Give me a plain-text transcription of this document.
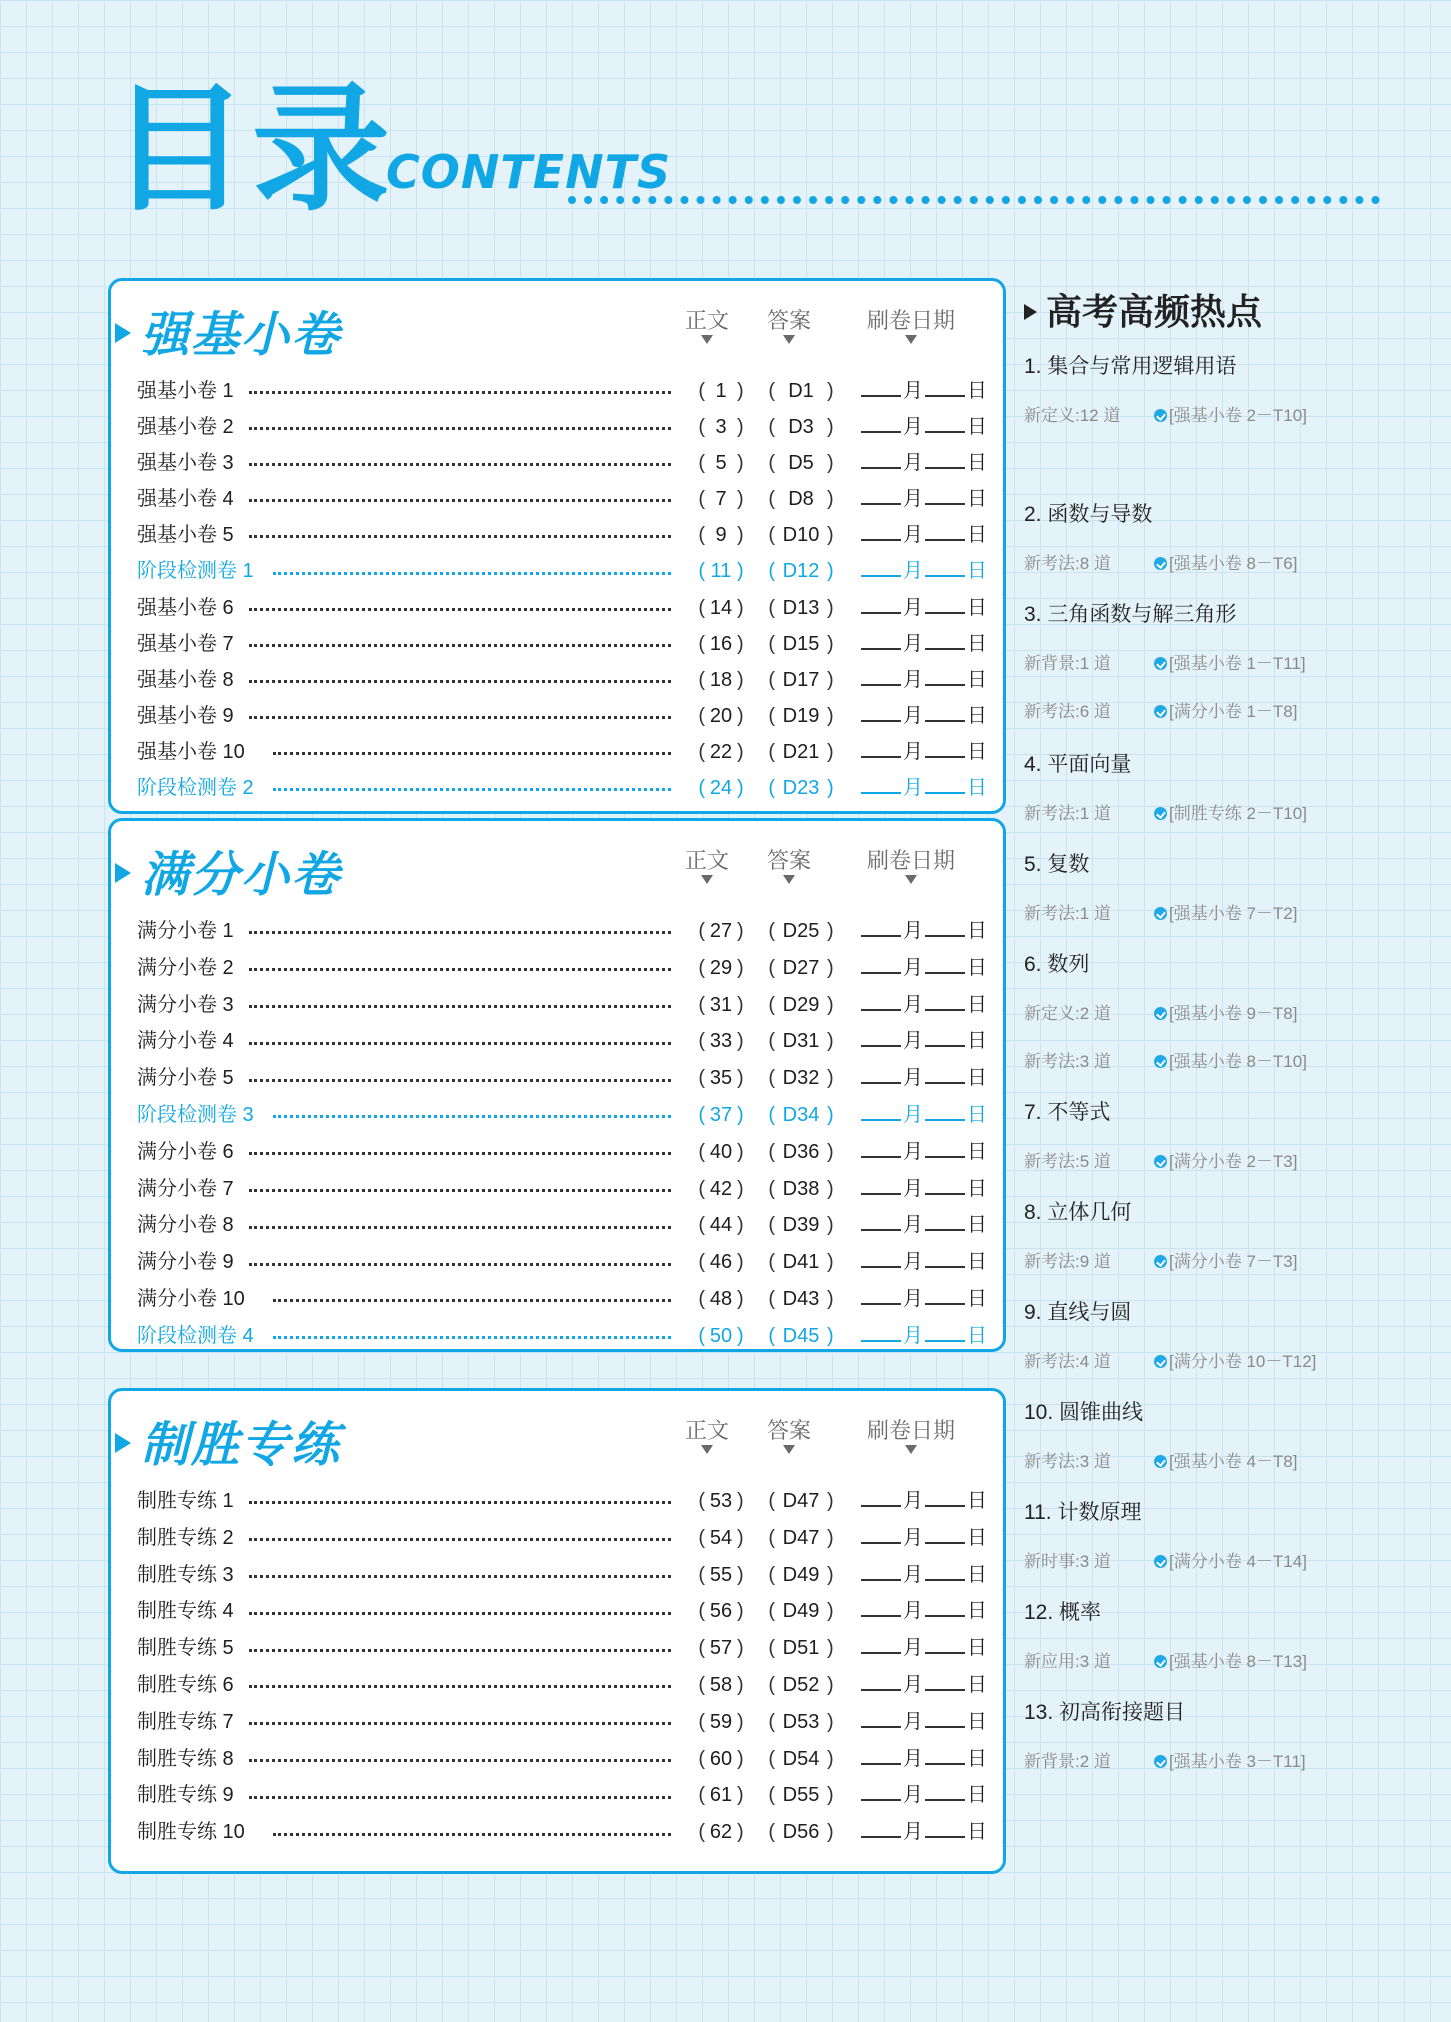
目录
CONTENTS
强基小卷	正文	答案	刷卷日期
强基小卷 1	( 1 )	( D1 )	月 日
强基小卷 2	( 3 )	( D3 )	月 日
强基小卷 3	( 5 )	( D5 )	月 日
强基小卷 4	( 7 )	( D8 )	月 日
强基小卷 5	( 9 )	( D10 )	月 日
阶段检测卷 1	( 11 )	( D12 )	月 日
强基小卷 6	( 14 )	( D13 )	月 日
强基小卷 7	( 16 )	( D15 )	月 日
强基小卷 8	( 18 )	( D17 )	月 日
强基小卷 9	( 20 )	( D19 )	月 日
强基小卷 10	( 22 )	( D21 )	月 日
阶段检测卷 2	( 24 )	( D23 )	月 日
满分小卷	正文	答案	刷卷日期
满分小卷 1	( 27 )	( D25 )	月 日
满分小卷 2	( 29 )	( D27 )	月 日
满分小卷 3	( 31 )	( D29 )	月 日
满分小卷 4	( 33 )	( D31 )	月 日
满分小卷 5	( 35 )	( D32 )	月 日
阶段检测卷 3	( 37 )	( D34 )	月 日
满分小卷 6	( 40 )	( D36 )	月 日
满分小卷 7	( 42 )	( D38 )	月 日
满分小卷 8	( 44 )	( D39 )	月 日
满分小卷 9	( 46 )	( D41 )	月 日
满分小卷 10	( 48 )	( D43 )	月 日
阶段检测卷 4	( 50 )	( D45 )	月 日
制胜专练	正文	答案	刷卷日期
制胜专练 1	( 53 )	( D47 )	月 日
制胜专练 2	( 54 )	( D47 )	月 日
制胜专练 3	( 55 )	( D49 )	月 日
制胜专练 4	( 56 )	( D49 )	月 日
制胜专练 5	( 57 )	( D51 )	月 日
制胜专练 6	( 58 )	( D52 )	月 日
制胜专练 7	( 59 )	( D53 )	月 日
制胜专练 8	( 60 )	( D54 )	月 日
制胜专练 9	( 61 )	( D55 )	月 日
制胜专练 10	( 62 )	( D56 )	月 日
高考高频热点
1. 集合与常用逻辑用语
新定义:12 道	[强基小卷 2－T10]
2. 函数与导数
新考法:8 道	[强基小卷 8－T6]
3. 三角函数与解三角形
新背景:1 道	[强基小卷 1－T11]
新考法:6 道	[满分小卷 1－T8]
4. 平面向量
新考法:1 道	[制胜专练 2－T10]
5. 复数
新考法:1 道	[强基小卷 7－T2]
6. 数列
新定义:2 道	[强基小卷 9－T8]
新考法:3 道	[强基小卷 8－T10]
7. 不等式
新考法:5 道	[满分小卷 2－T3]
8. 立体几何
新考法:9 道	[满分小卷 7－T3]
9. 直线与圆
新考法:4 道	[满分小卷 10－T12]
10. 圆锥曲线
新考法:3 道	[强基小卷 4－T8]
11. 计数原理
新时事:3 道	[满分小卷 4－T14]
12. 概率
新应用:3 道	[强基小卷 8－T13]
13. 初高衔接题目
新背景:2 道	[强基小卷 3－T11]
